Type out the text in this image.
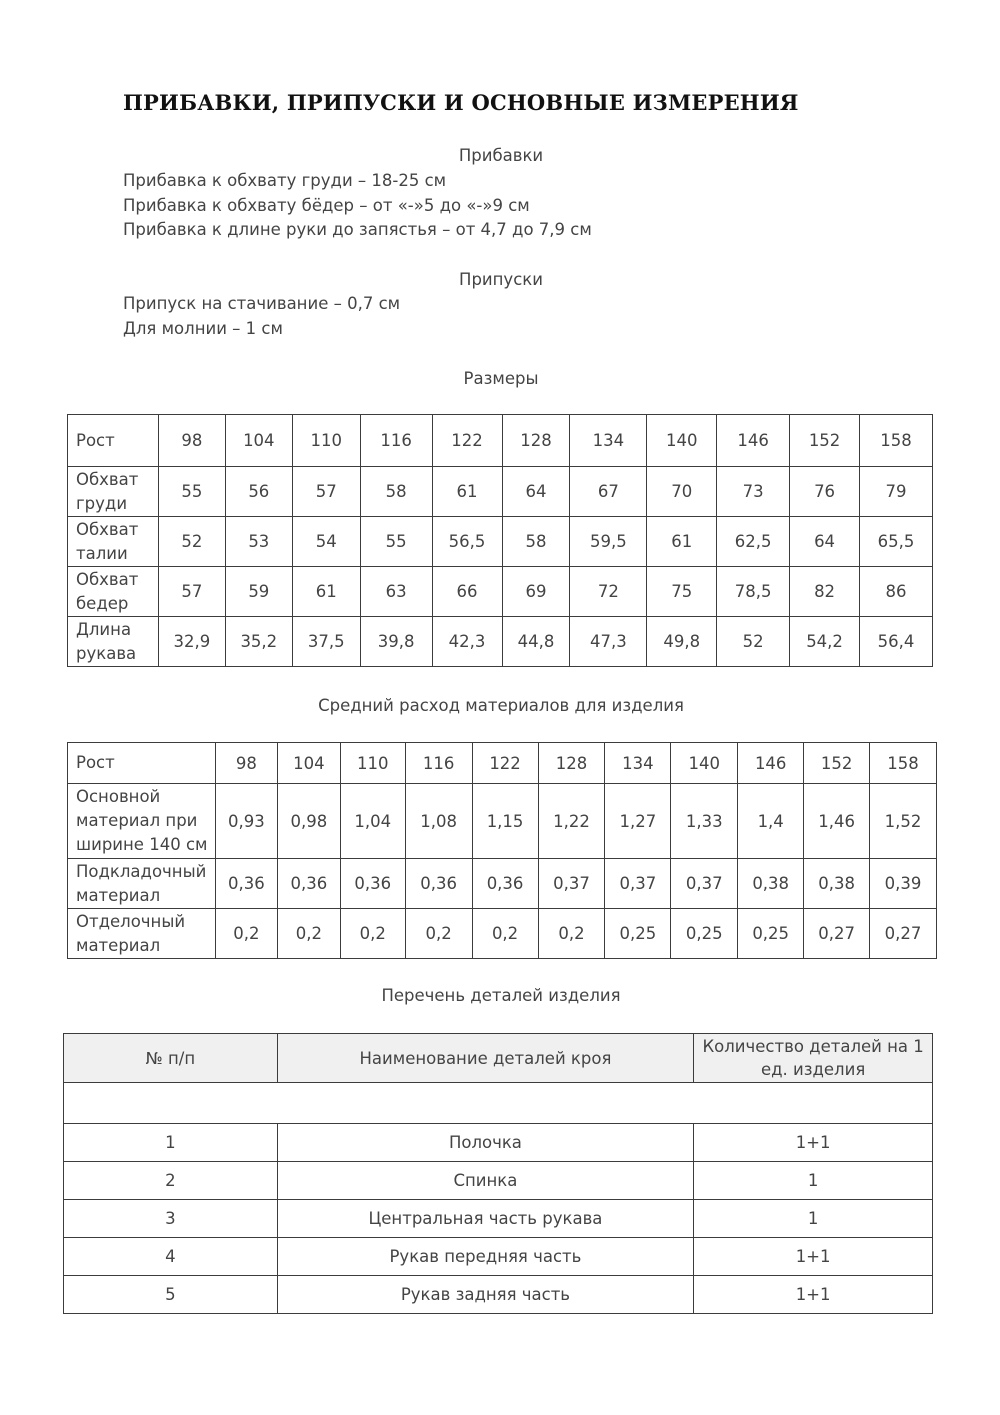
ПРИБАВКИ, ПРИПУСКИ И ОСНОВНЫЕ ИЗМЕРЕНИЯ
Прибавки
Прибавка к обхвату груди – 18-25 см
Прибавка к обхвату бёдер – от «-»5 до «-»9 см
Прибавка к длине руки до запястья – от 4,7 до 7,9 см
Припуски
Припуск на стачивание – 0,7 см
Для молнии – 1 см
Размеры
Рост	98	104	110	116	122	128	134	140	146	152	158
Обхват груди	55	56	57	58	61	64	67	70	73	76	79
Обхват талии	52	53	54	55	56,5	58	59,5	61	62,5	64	65,5
Обхват бедер	57	59	61	63	66	69	72	75	78,5	82	86
Длина рукава	32,9	35,2	37,5	39,8	42,3	44,8	47,3	49,8	52	54,2	56,4
Средний расход материалов для изделия
Рост	98	104	110	116	122	128	134	140	146	152	158
Основной материал при ширине 140 см	0,93	0,98	1,04	1,08	1,15	1,22	1,27	1,33	1,4	1,46	1,52
Подкладочный материал	0,36	0,36	0,36	0,36	0,36	0,37	0,37	0,37	0,38	0,38	0,39
Отделочный материал	0,2	0,2	0,2	0,2	0,2	0,2	0,25	0,25	0,25	0,27	0,27
Перечень деталей изделия
№ п/п	Наименование деталей кроя	Количество деталей на 1 ед. изделия

1	Полочка	1+1
2	Спинка	1
3	Центральная часть рукава	1
4	Рукав передняя часть	1+1
5	Рукав задняя часть	1+1
